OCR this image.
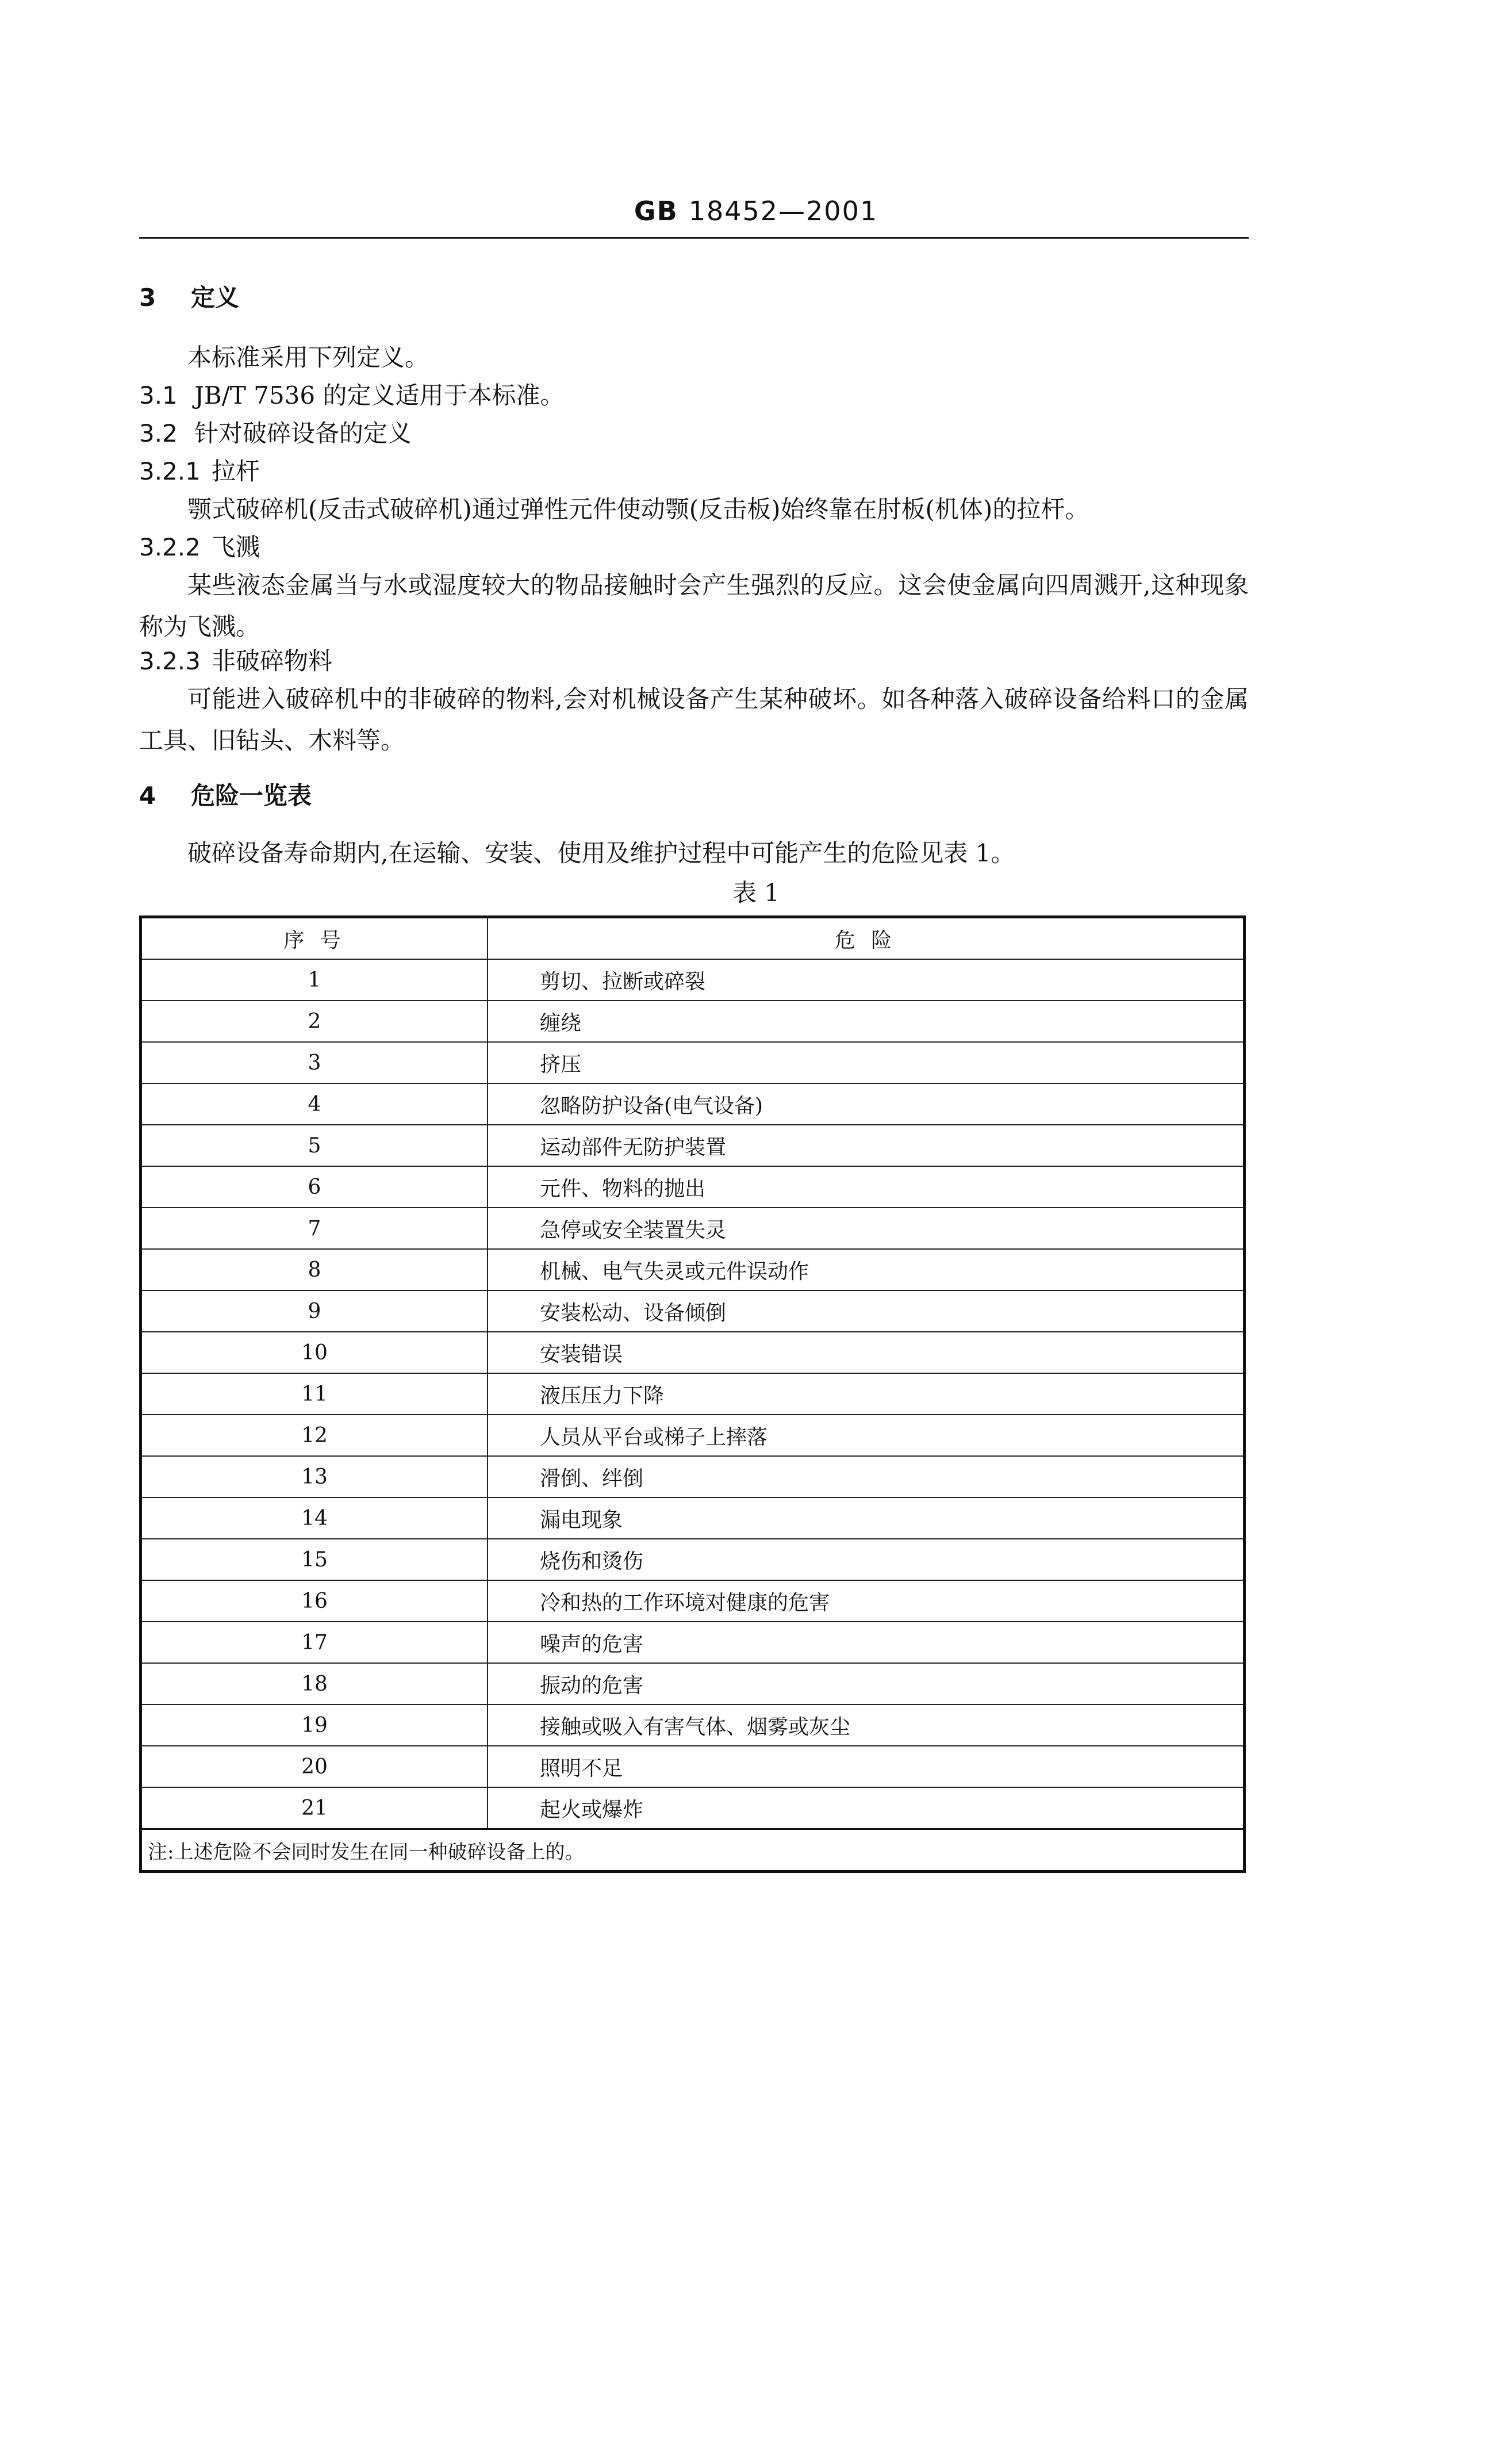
GB 18452—2001
3 定义
本标准采用下列定义。
3.1 JB/T 7536 的定义适用于本标准。
3.2 针对破碎设备的定义
3.2.1 拉杆
颚式破碎机(反击式破碎机)通过弹性元件使动颚(反击板)始终靠在肘板(机体)的拉杆。
3.2.2 飞溅
某些液态金属当与水或湿度较大的物品接触时会产生强烈的反应。这会使金属向四周溅开,这种现象称为飞溅。
3.2.3 非破碎物料
可能进入破碎机中的非破碎的物料,会对机械设备产生某种破坏。如各种落入破碎设备给料口的金属工具、旧钻头、木料等。
4 危险一览表
破碎设备寿命期内,在运输、安装、使用及维护过程中可能产生的危险见表 1。
表 1
序 号	危 险
1	剪切、拉断或碎裂
2	缠绕
3	挤压
4	忽略防护设备(电气设备)
5	运动部件无防护装置
6	元件、物料的抛出
7	急停或安全装置失灵
8	机械、电气失灵或元件误动作
9	安装松动、设备倾倒
10	安装错误
11	液压压力下降
12	人员从平台或梯子上摔落
13	滑倒、绊倒
14	漏电现象
15	烧伤和烫伤
16	冷和热的工作环境对健康的危害
17	噪声的危害
18	振动的危害
19	接触或吸入有害气体、烟雾或灰尘
20	照明不足
21	起火或爆炸
注:上述危险不会同时发生在同一种破碎设备上的。	
